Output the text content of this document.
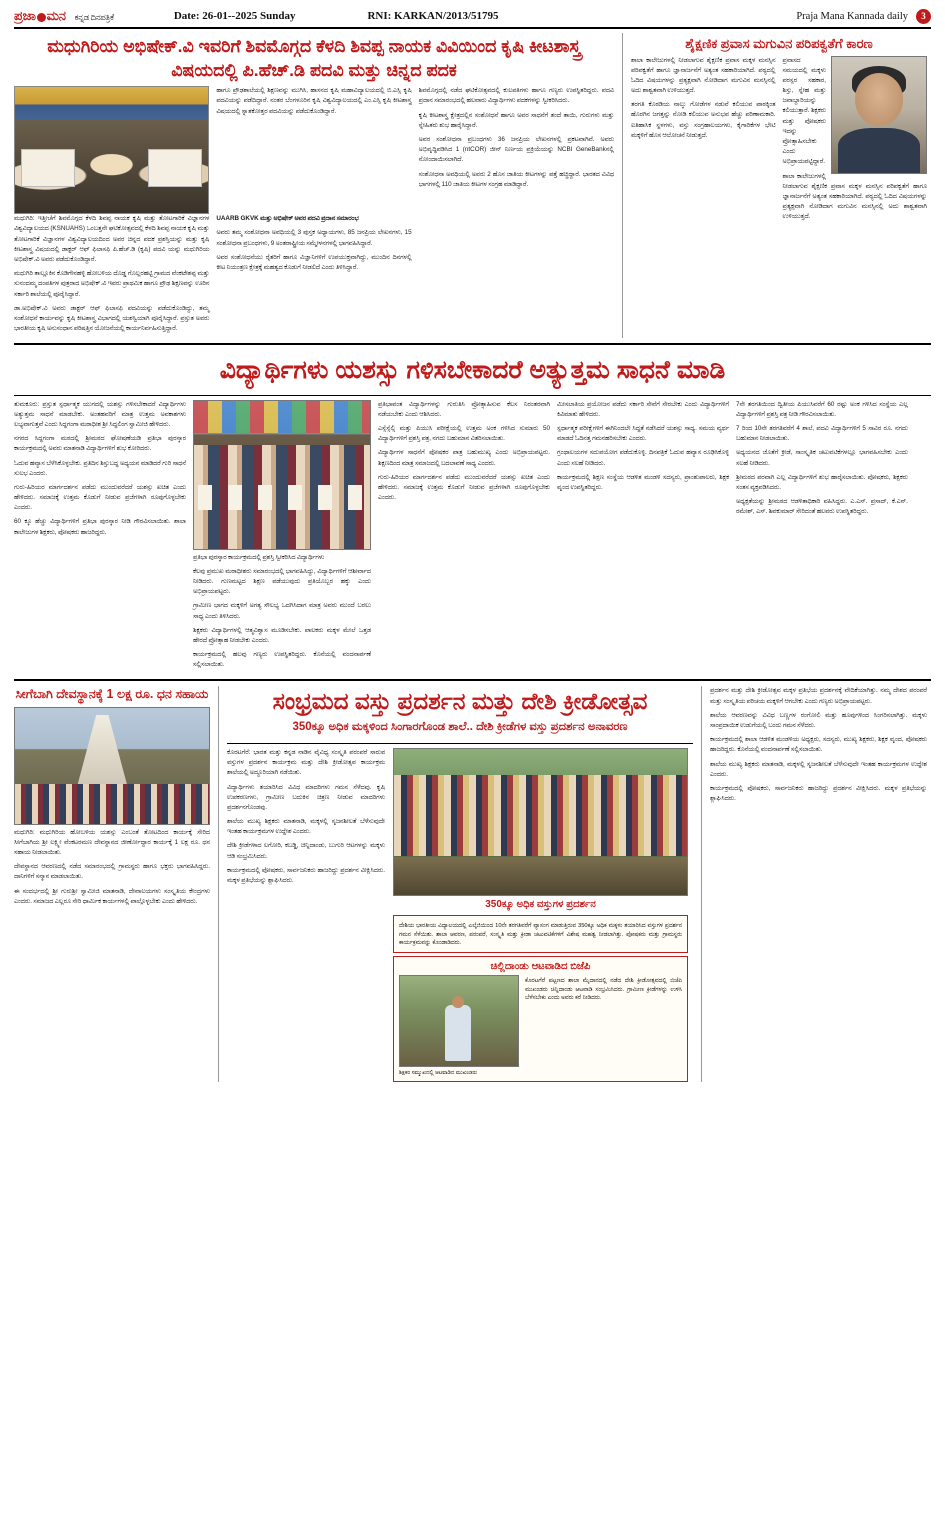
ಪ್ರಜಾ ಮನ ಕನ್ನಡ ದಿನಪತ್ರಿಕೆ	Date: 26-01--2025 Sunday	RNI: KARKAN/2013/51795	Praja Mana Kannada daily	3
ಮಧುಗಿರಿಯ ಅಭಿಷೇಕ್.ವಿ ಇವರಿಗೆ ಶಿವಮೊಗ್ಗದ ಕೆಳದಿ ಶಿವಪ್ಪ ನಾಯಕ ವಿವಿಯಿಂದ ಕೃಷಿ ಕೀಟಶಾಸ್ತ್ರ ವಿಷಯದಲ್ಲಿ ಪಿ.ಹೆಚ್.ಡಿ ಪದವಿ ಮತ್ತು ಚಿನ್ನದ ಪದಕ

ಮಧುಗಿರಿ: ಇತ್ತೀಚೆಗೆ ಶಿವಮೊಗ್ಗದ ಕೆಳದಿ ಶಿವಪ್ಪ ನಾಯಕ ಕೃಷಿ ಮತ್ತು ತೋಟಗಾರಿಕೆ ವಿಜ್ಞಾನಗಳ ವಿಶ್ವವಿದ್ಯಾಲಯದ (KSNUAHS) ಒಂಬತ್ತನೇ ಘಟಿಕೋತ್ಸವದಲ್ಲಿ ಕೆಳದಿ ಶಿವಪ್ಪ ನಾಯಕ ಕೃಷಿ ಮತ್ತು ತೋಟಗಾರಿಕೆ ವಿಜ್ಞಾನಗಳ ವಿಶ್ವವಿದ್ಯಾಲಯದಿಂದ ಅವರ ಚಿನ್ನದ ಪದಕ ಪ್ರಶಸ್ತಿಯನ್ನು ಮತ್ತು ಕೃಷಿ ಕೀಟಶಾಸ್ತ್ರ ವಿಷಯದಲ್ಲಿ ಡಾಕ್ಟರ್ ಆಫ್ ಫಿಲಾಸಫಿ ಪಿ.ಹೆಚ್.ಡಿ (ಕೃಷಿ) ಪದವಿ ಯನ್ನು ಮಧುಗಿರಿಯ ಅಭಿಷೇಕ್.ವಿ ಅವರು ಪಡೆದುಕೊಂಡಿದ್ದಾರೆ.

ಮಧುಗಿರಿ ತಾಲ್ಲೂಕಿನ ಕೊಡಿಗೇನಹಳ್ಳಿ ಹೋಬಳಿಯ ದೊಡ್ಡ ಗೊಲ್ಲರಹಟ್ಟಿ ಗ್ರಾಮದ ವೆಂಕಟೇಶಪ್ಪ ಮತ್ತು ಸುನಂದಮ್ಮ ದಂಪತಿಗಳ ಪುತ್ರರಾದ ಅಭಿಷೇಕ್.ವಿ ಇವರು ಪ್ರಾಥಮಿಕ ಹಾಗೂ ಪ್ರೌಢ ಶಿಕ್ಷಣವನ್ನು ಊರಿನ ಸರ್ಕಾರಿ ಶಾಲೆಯಲ್ಲಿ ಪೂರೈಸಿದ್ದಾರೆ.

ಡಾ.ಅಭಿಷೇಕ್.ವಿ ಅವರು ಡಾಕ್ಟರ್ ಆಫ್ ಫಿಲಾಸಫಿ ಪದವಿಯನ್ನು ಪಡೆದುಕೊಂಡಿದ್ದು, ತಮ್ಮ ಸಂಶೋಧನೆ ಕಾರ್ಯವನ್ನು ಕೃಷಿ ಕೀಟಶಾಸ್ತ್ರ ವಿಭಾಗದಲ್ಲಿ ಯಶಸ್ವಿಯಾಗಿ ಪೂರೈಸಿದ್ದಾರೆ. ಪ್ರಸ್ತುತ ಅವರು ಭಾರತೀಯ ಕೃಷಿ ಅನುಸಂಧಾನ ಪರಿಷತ್ತಿನ ಯೋಜನೆಯಲ್ಲಿ ಕಾರ್ಯನಿರ್ವಹಿಸುತ್ತಿದ್ದಾರೆ.

ಹಾಗೂ ಪ್ರೌಢಶಾಲೆಯಲ್ಲಿ ಶಿಕ್ಷಣವನ್ನು ಮುಗಿಸಿ, ಹಾಸನದ ಕೃಷಿ ಮಹಾವಿದ್ಯಾಲಯದಲ್ಲಿ ಬಿ.ಎಸ್ಸಿ ಕೃಷಿ ಪದವಿಯನ್ನು ಪಡೆದಿದ್ದಾರೆ. ನಂತರ ಬೆಂಗಳೂರಿನ ಕೃಷಿ ವಿಶ್ವವಿದ್ಯಾಲಯದಲ್ಲಿ ಎಂ.ಎಸ್ಸಿ ಕೃಷಿ ಕೀಟಶಾಸ್ತ್ರ ವಿಷಯದಲ್ಲಿ ಸ್ನಾತಕೋತ್ತರ ಪದವಿಯನ್ನು ಪಡೆದುಕೊಂಡಿದ್ದಾರೆ.

UAARB GKVK ಮತ್ತು ಅಭಿಷೇಕ್ ಅವರ ಪದವಿ ಪ್ರದಾನ ಸಮಾರಂಭ

ಅವರು ತಮ್ಮ ಸಂಶೋಧನಾ ಅವಧಿಯಲ್ಲಿ 3 ಪುಸ್ತಕ ಅಧ್ಯಾಯಗಳು, 85 ಜನಪ್ರಿಯ ಲೇಖನಗಳು, 15 ಸಂಶೋಧನಾ ಪ್ರಬಂಧಗಳು, 9 ಅಂತರಾಷ್ಟ್ರೀಯ ಸಮ್ಮೇಳನಗಳಲ್ಲಿ ಭಾಗವಹಿಸಿದ್ದಾರೆ.

ಅವರ ಸಂಶೋಧನೆಯು ರೈತರಿಗೆ ಹಾಗೂ ವಿಜ್ಞಾನಿಗಳಿಗೆ ಉಪಯುಕ್ತವಾಗಿದ್ದು, ಮುಂದಿನ ದಿನಗಳಲ್ಲಿ ಕೀಟ ನಿಯಂತ್ರಣ ಕ್ಷೇತ್ರಕ್ಕೆ ಮಹತ್ವದ ಕೊಡುಗೆ ನೀಡಲಿದೆ ಎಂದು ತಿಳಿಸಿದ್ದಾರೆ.

ಶಿವಮೊಗ್ಗದಲ್ಲಿ ನಡೆದ ಘಟಿಕೋತ್ಸವದಲ್ಲಿ ಕುಲಪತಿಗಳು ಹಾಗೂ ಗಣ್ಯರು ಉಪಸ್ಥಿತರಿದ್ದರು. ಪದವಿ ಪ್ರದಾನ ಸಮಾರಂಭದಲ್ಲಿ ಹಲವಾರು ವಿದ್ಯಾರ್ಥಿಗಳು ಪದಕಗಳನ್ನು ಸ್ವೀಕರಿಸಿದರು.

ಕೃಷಿ ಕೀಟಶಾಸ್ತ್ರ ಕ್ಷೇತ್ರದಲ್ಲಿನ ಸಂಶೋಧನೆ ಹಾಗೂ ಅವರ ಸಾಧನೆಗೆ ತಂದೆ ತಾಯಿ, ಗುರುಗಳು ಮತ್ತು ಸ್ನೇಹಿತರು ಶುಭ ಹಾರೈಸಿದ್ದಾರೆ.

ಅವರ ಸಂಶೋಧನಾ ಪ್ರಬಂಧಗಳು 36 ಜನಪ್ರಿಯ ಲೇಖನಗಳಲ್ಲಿ ಪ್ರಕಟವಾಗಿವೆ. ಅವರು ಅಭಿವೃದ್ಧಿಪಡಿಸಿದ 1 (ntCOR) ಜೀನ್ ನಿರ್ಣಯ ಪ್ರಕ್ರಿಯೆಯನ್ನು NCBI GeneBankನಲ್ಲಿ ನೋಂದಾಯಿಸಲಾಗಿದೆ.

ಸಂಶೋಧನಾ ಅವಧಿಯಲ್ಲಿ ಅವರು 2 ಹೊಸ ಜಾತಿಯ ಕೀಟಗಳನ್ನು ಪತ್ತೆ ಹಚ್ಚಿದ್ದಾರೆ. ಭಾರತದ ವಿವಿಧ ಭಾಗಗಳಲ್ಲಿ 110 ಜಾತಿಯ ಕೀಟಗಳ ಸಂಗ್ರಹ ಮಾಡಿದ್ದಾರೆ.

ಶೈಕ್ಷಣಿಕ ಪ್ರವಾಸ ಮಗುವಿನ ಪರಿಪಕ್ವತೆಗೆ ಕಾರಣ

ಶಾಲಾ ಕಾಲೇಜುಗಳಲ್ಲಿ ನೀಡಲಾಗುವ ಶೈಕ್ಷಣಿಕ ಪ್ರವಾಸ ಮಕ್ಕಳ ಮನಸ್ಸಿನ ಪರಿಪಕ್ವತೆಗೆ ಹಾಗೂ ಜ್ಞಾನಾರ್ಜನೆಗೆ ಅತ್ಯಂತ ಸಹಕಾರಿಯಾಗಿದೆ. ಪಠ್ಯದಲ್ಲಿ ಓದಿದ ವಿಷಯಗಳನ್ನು ಪ್ರತ್ಯಕ್ಷವಾಗಿ ನೋಡಿದಾಗ ಮಗುವಿನ ಮನಸ್ಸಿನಲ್ಲಿ ಅದು ಶಾಶ್ವತವಾಗಿ ಉಳಿಯುತ್ತದೆ.

ತರಗತಿ ಕೊಠಡಿಯ ನಾಲ್ಕು ಗೋಡೆಗಳ ನಡುವೆ ಕಲಿಯುವ ಪಾಠಕ್ಕಿಂತ ಹೊರಗಿನ ಜಗತ್ತನ್ನು ನೋಡಿ ಕಲಿಯುವ ಅನುಭವ ಹೆಚ್ಚು ಪರಿಣಾಮಕಾರಿ. ಐತಿಹಾಸಿಕ ಸ್ಥಳಗಳು, ವಸ್ತು ಸಂಗ್ರಹಾಲಯಗಳು, ಕೈಗಾರಿಕೆಗಳ ಭೇಟಿ ಮಕ್ಕಳಿಗೆ ಹೊಸ ಆಲೋಚನೆ ನೀಡುತ್ತದೆ.

ಪ್ರವಾಸದ ಸಮಯದಲ್ಲಿ ಮಕ್ಕಳು ಪರಸ್ಪರ ಸಹಕಾರ, ಶಿಸ್ತು, ಸ್ನೇಹ ಮತ್ತು ಜವಾಬ್ದಾರಿಯನ್ನು ಕಲಿಯುತ್ತಾರೆ. ಶಿಕ್ಷಕರು ಮತ್ತು ಪೋಷಕರು ಇದನ್ನು ಪ್ರೋತ್ಸಾಹಿಸಬೇಕು ಎಂದು ಅಭಿಪ್ರಾಯಪಟ್ಟಿದ್ದಾರೆ.

ಶಾಲಾ ಕಾಲೇಜುಗಳಲ್ಲಿ ನೀಡಲಾಗುವ ಶೈಕ್ಷಣಿಕ ಪ್ರವಾಸ ಮಕ್ಕಳ ಮನಸ್ಸಿನ ಪರಿಪಕ್ವತೆಗೆ ಹಾಗೂ ಜ್ಞಾನಾರ್ಜನೆಗೆ ಅತ್ಯಂತ ಸಹಕಾರಿಯಾಗಿದೆ. ಪಠ್ಯದಲ್ಲಿ ಓದಿದ ವಿಷಯಗಳನ್ನು ಪ್ರತ್ಯಕ್ಷವಾಗಿ ನೋಡಿದಾಗ ಮಗುವಿನ ಮನಸ್ಸಿನಲ್ಲಿ ಅದು ಶಾಶ್ವತವಾಗಿ ಉಳಿಯುತ್ತದೆ.

ವಿದ್ಯಾರ್ಥಿಗಳು ಯಶಸ್ಸು ಗಳಿಸಬೇಕಾದರೆ ಅತ್ಯುತ್ತಮ ಸಾಧನೆ ಮಾಡಿ

ತುಮಕೂರು: ಪ್ರಸ್ತುತ ಸ್ಪರ್ಧಾತ್ಮಕ ಯುಗದಲ್ಲಿ ಯಶಸ್ಸು ಗಳಿಸಬೇಕಾದರೆ ವಿದ್ಯಾರ್ಥಿಗಳು ಅತ್ಯುತ್ತಮ ಸಾಧನೆ ಮಾಡಬೇಕು. ಅಂತಹವರಿಗೆ ಮಾತ್ರ ಉತ್ತಮ ಅವಕಾಶಗಳು ಲಭ್ಯವಾಗುತ್ತವೆ ಎಂದು ಸಿದ್ಧಗಂಗಾ ಮಠಾಧೀಶ ಶ್ರೀ ಸಿದ್ಧಲಿಂಗ ಸ್ವಾಮೀಜಿ ಹೇಳಿದರು.

ನಗರದ ಸಿದ್ಧಗಂಗಾ ಮಠದಲ್ಲಿ ಶ್ರೀಮಠದ ಘೋಷಣೆಯಡಿ ಪ್ರತಿಭಾ ಪುರಸ್ಕಾರ ಕಾರ್ಯಕ್ರಮದಲ್ಲಿ ಅವರು ಮಾತನಾಡಿ ವಿದ್ಯಾರ್ಥಿಗಳಿಗೆ ಶುಭ ಕೋರಿದರು.

ಓದುವ ಹವ್ಯಾಸ ಬೆಳೆಸಿಕೊಳ್ಳಬೇಕು. ಪ್ರತಿದಿನ ಶಿಸ್ತುಬದ್ಧ ಅಧ್ಯಯನ ಮಾಡಿದರೆ ಗುರಿ ಸಾಧನೆ ಸುಲಭ ಎಂದರು.

ಗುರು-ಹಿರಿಯರ ಮಾರ್ಗದರ್ಶನ ಪಡೆದು ಮುಂದುವರೆದರೆ ಯಶಸ್ಸು ಖಚಿತ ಎಂದು ಹೇಳಿದರು. ಸಮಾಜಕ್ಕೆ ಉತ್ತಮ ಕೊಡುಗೆ ನೀಡುವ ಪ್ರಜೆಗಳಾಗಿ ರೂಪುಗೊಳ್ಳಬೇಕು ಎಂದರು.

60 ಕ್ಕೂ ಹೆಚ್ಚು ವಿದ್ಯಾರ್ಥಿಗಳಿಗೆ ಪ್ರತಿಭಾ ಪುರಸ್ಕಾರ ನೀಡಿ ಗೌರವಿಸಲಾಯಿತು. ಶಾಲಾ ಕಾಲೇಜುಗಳ ಶಿಕ್ಷಕರು, ಪೋಷಕರು ಹಾಜರಿದ್ದರು.

ಪ್ರತಿಭಾ ಪುರಸ್ಕಾರ ಕಾರ್ಯಕ್ರಮದಲ್ಲಿ ಪ್ರಶಸ್ತಿ ಸ್ವೀಕರಿಸಿದ ವಿದ್ಯಾರ್ಥಿಗಳು

ಕೆಲವು ಪ್ರಮುಖ ಮಠಾಧೀಶರು ಸಮಾರಂಭದಲ್ಲಿ ಭಾಗವಹಿಸಿದ್ದು, ವಿದ್ಯಾರ್ಥಿಗಳಿಗೆ ಆಶೀರ್ವಾದ ನೀಡಿದರು. ಗುಣಮಟ್ಟದ ಶಿಕ್ಷಣ ಪಡೆಯುವುದು ಪ್ರತಿಯೊಬ್ಬರ ಹಕ್ಕು ಎಂದು ಅಭಿಪ್ರಾಯಪಟ್ಟರು.

ಗ್ರಾಮೀಣ ಭಾಗದ ಮಕ್ಕಳಿಗೆ ಅಗತ್ಯ ಸೌಲಭ್ಯ ಒದಗಿಸಿದಾಗ ಮಾತ್ರ ಅವರು ಮುಂದೆ ಬರಲು ಸಾಧ್ಯ ಎಂದು ತಿಳಿಸಿದರು.

ಶಿಕ್ಷಕರು ವಿದ್ಯಾರ್ಥಿಗಳಲ್ಲಿ ಆತ್ಮವಿಶ್ವಾಸ ಮೂಡಿಸಬೇಕು. ಪಾಲಕರು ಮಕ್ಕಳ ಮೇಲೆ ಒತ್ತಡ ಹೇರದೆ ಪ್ರೋತ್ಸಾಹ ನೀಡಬೇಕು ಎಂದರು.

ಕಾರ್ಯಕ್ರಮದಲ್ಲಿ ಹಲವು ಗಣ್ಯರು ಉಪಸ್ಥಿತರಿದ್ದರು. ಕೊನೆಯಲ್ಲಿ ವಂದನಾರ್ಪಣೆ ಸಲ್ಲಿಸಲಾಯಿತು.

ಪ್ರತಿಭಾವಂತ ವಿದ್ಯಾರ್ಥಿಗಳನ್ನು ಗುರುತಿಸಿ ಪ್ರೋತ್ಸಾಹಿಸುವ ಕೆಲಸ ನಿರಂತರವಾಗಿ ನಡೆಯಬೇಕು ಎಂದು ಆಶಿಸಿದರು.

ಎಸ್ಸೆಸ್ಸೆಲ್ಸಿ ಮತ್ತು ಪಿಯುಸಿ ಪರೀಕ್ಷೆಯಲ್ಲಿ ಉತ್ತಮ ಅಂಕ ಗಳಿಸಿದ ಸುಮಾರು 50 ವಿದ್ಯಾರ್ಥಿಗಳಿಗೆ ಪ್ರಶಸ್ತಿ ಪತ್ರ, ನಗದು ಬಹುಮಾನ ವಿತರಿಸಲಾಯಿತು.

ವಿದ್ಯಾರ್ಥಿಗಳ ಸಾಧನೆಗೆ ಪೋಷಕರ ಪಾತ್ರ ಬಹುಮುಖ್ಯ ಎಂದು ಅಭಿಪ್ರಾಯಪಟ್ಟರು. ಶಿಕ್ಷಣದಿಂದ ಮಾತ್ರ ಸಮಾಜದಲ್ಲಿ ಬದಲಾವಣೆ ಸಾಧ್ಯ ಎಂದರು.

ಗುರು-ಹಿರಿಯರ ಮಾರ್ಗದರ್ಶನ ಪಡೆದು ಮುಂದುವರೆದರೆ ಯಶಸ್ಸು ಖಚಿತ ಎಂದು ಹೇಳಿದರು. ಸಮಾಜಕ್ಕೆ ಉತ್ತಮ ಕೊಡುಗೆ ನೀಡುವ ಪ್ರಜೆಗಳಾಗಿ ರೂಪುಗೊಳ್ಳಬೇಕು ಎಂದರು.

ಮೀಸಲಾತಿಯ ಪ್ರಯೋಜನ ಪಡೆದು ಸರ್ಕಾರಿ ಸೇವೆಗೆ ಸೇರಬೇಕು ಎಂದು ವಿದ್ಯಾರ್ಥಿಗಳಿಗೆ ಕಿವಿಮಾತು ಹೇಳಿದರು.

ಸ್ಪರ್ಧಾತ್ಮಕ ಪರೀಕ್ಷೆಗಳಿಗೆ ಈಗಿನಿಂದಲೇ ಸಿದ್ಧತೆ ನಡೆಸಿದರೆ ಯಶಸ್ಸು ಸಾಧ್ಯ. ಸಮಯ ವ್ಯರ್ಥ ಮಾಡದೆ ಓದಿನತ್ತ ಗಮನಹರಿಸಬೇಕು ಎಂದರು.

ಗ್ರಂಥಾಲಯಗಳ ಸದುಪಯೋಗ ಪಡೆದುಕೊಳ್ಳಿ. ದಿನಪತ್ರಿಕೆ ಓದುವ ಹವ್ಯಾಸ ರೂಢಿಸಿಕೊಳ್ಳಿ ಎಂದು ಸಲಹೆ ನೀಡಿದರು.

ಕಾರ್ಯಕ್ರಮದಲ್ಲಿ ಶಿಕ್ಷಣ ಸಂಸ್ಥೆಯ ಆಡಳಿತ ಮಂಡಳಿ ಸದಸ್ಯರು, ಪ್ರಾಂಶುಪಾಲರು, ಶಿಕ್ಷಕ ವೃಂದ ಉಪಸ್ಥಿತರಿದ್ದರು.

7ನೇ ತರಗತಿಯಿಂದ ದ್ವಿತೀಯ ಪಿಯುಸಿವರೆಗೆ 60 ರಷ್ಟು ಅಂಕ ಗಳಿಸಿದ ಸಂಸ್ಥೆಯ ಎಲ್ಲ ವಿದ್ಯಾರ್ಥಿಗಳಿಗೆ ಪ್ರಶಸ್ತಿ ಪತ್ರ ನೀಡಿ ಗೌರವಿಸಲಾಯಿತು.

7 ರಿಂದ 10ನೇ ತರಗತಿವರೆಗೆ 4 ಶಾಲೆ, ಪದವಿ ವಿದ್ಯಾರ್ಥಿಗಳಿಗೆ 5 ಸಾವಿರ ರೂ. ನಗದು ಬಹುಮಾನ ನೀಡಲಾಯಿತು.

ಅಧ್ಯಯನದ ಜೊತೆಗೆ ಕ್ರೀಡೆ, ಸಾಂಸ್ಕೃತಿಕ ಚಟುವಟಿಕೆಗಳಲ್ಲೂ ಭಾಗವಹಿಸಬೇಕು ಎಂದು ಸಲಹೆ ನೀಡಿದರು.

ಶ್ರೀಮಠದ ಪರವಾಗಿ ಎಲ್ಲ ವಿದ್ಯಾರ್ಥಿಗಳಿಗೆ ಶುಭ ಹಾರೈಸಲಾಯಿತು. ಪೋಷಕರು, ಶಿಕ್ಷಕರು ಸಂತಸ ವ್ಯಕ್ತಪಡಿಸಿದರು.

ಅಧ್ಯಕ್ಷತೆಯನ್ನು ಶ್ರೀಮಠದ ಆಡಳಿತಾಧಿಕಾರಿ ವಹಿಸಿದ್ದರು. ಎ.ಎಸ್. ಪ್ರಸಾದ್, ಕೆ.ಎನ್. ರಮೇಶ್, ಎಸ್. ಶಿವಕುಮಾರ್ ಸೇರಿದಂತೆ ಹಲವರು ಉಪಸ್ಥಿತರಿದ್ದರು.

ಸೀಗೆಬಾಗಿ ದೇವಸ್ಥಾನಕ್ಕೆ 1 ಲಕ್ಷ ರೂ. ಧನ ಸಹಾಯ

ಮಧುಗಿರಿ: ಮಧುಗಿರಿಯ ಹೋಬಳಿಯ ಯಶಸ್ಸು ಎಂಬಂತೆ ತೋಟದಿಂದ ಕಾರ್ಯಕ್ಕೆ ಸೇರಿದ ಸೀಗೆಬಾಗಿಯ ಶ್ರೀ ಲಕ್ಷ್ಮೀ ವೆಂಕಟರಮಣ ದೇವಸ್ಥಾನದ ಜೀರ್ಣೋದ್ಧಾರ ಕಾರ್ಯಕ್ಕೆ 1 ಲಕ್ಷ ರೂ. ಧನ ಸಹಾಯ ನೀಡಲಾಯಿತು.

ದೇವಸ್ಥಾನದ ಆವರಣದಲ್ಲಿ ನಡೆದ ಸಮಾರಂಭದಲ್ಲಿ ಗ್ರಾಮಸ್ಥರು ಹಾಗೂ ಭಕ್ತರು ಭಾಗವಹಿಸಿದ್ದರು. ದಾನಿಗಳಿಗೆ ಸನ್ಮಾನ ಮಾಡಲಾಯಿತು.

ಈ ಸಂದರ್ಭದಲ್ಲಿ ಶ್ರೀ ಗುರುಶ್ರೀ ಸ್ವಾಮೀಜಿ ಮಾತನಾಡಿ, ದೇವಾಲಯಗಳು ಸಂಸ್ಕೃತಿಯ ಕೇಂದ್ರಗಳು ಎಂದರು. ಸಮಾಜದ ಎಲ್ಲರೂ ಸೇರಿ ಧಾರ್ಮಿಕ ಕಾರ್ಯಗಳಲ್ಲಿ ಪಾಲ್ಗೊಳ್ಳಬೇಕು ಎಂದು ಹೇಳಿದರು.

ಸಂಭ್ರಮದ ವಸ್ತು ಪ್ರದರ್ಶನ ಮತ್ತು ದೇಶಿ ಕ್ರೀಡೋತ್ಸವ
350ಕ್ಕೂ ಅಧಿಕ ಮಕ್ಕಳಿಂದ ಸಿಂಗಾರಗೊಂಡ ಶಾಲೆ.. ದೇಶಿ ಕ್ರೀಡೆಗಳ ವಸ್ತು ಪ್ರದರ್ಶನ ಅನಾವರಣ

ಕೊರಟಗೆರೆ: ಭಾರತ ಮತ್ತು ಕನ್ನಡ ನಾಡಿನ ವೈವಿಧ್ಯ ಸಂಸ್ಕೃತಿ ಪರಂಪರೆ ಸಾರುವ ವಸ್ತುಗಳ ಪ್ರದರ್ಶನ ಕಾರ್ಯಕ್ರಮ ಮತ್ತು ದೇಶಿ ಕ್ರೀಡೋತ್ಸವ ಕಾರ್ಯಕ್ರಮ ಶಾಲೆಯಲ್ಲಿ ಅದ್ಧೂರಿಯಾಗಿ ನಡೆಯಿತು.

ವಿದ್ಯಾರ್ಥಿಗಳು ತಯಾರಿಸಿದ ವಿವಿಧ ಮಾದರಿಗಳು ಗಮನ ಸೆಳೆದವು. ಕೃಷಿ ಉಪಕರಣಗಳು, ಗ್ರಾಮೀಣ ಬದುಕಿನ ಚಿತ್ರಣ ನೀಡುವ ಮಾದರಿಗಳು ಪ್ರದರ್ಶನಗೊಂಡವು.

ಶಾಲೆಯ ಮುಖ್ಯ ಶಿಕ್ಷಕರು ಮಾತನಾಡಿ, ಮಕ್ಕಳಲ್ಲಿ ಸೃಜನಶೀಲತೆ ಬೆಳೆಸುವುದೇ ಇಂತಹ ಕಾರ್ಯಕ್ರಮಗಳ ಉದ್ದೇಶ ಎಂದರು.

ದೇಶಿ ಕ್ರೀಡೆಗಳಾದ ಲಗೋರಿ, ಕಬಡ್ಡಿ, ಚಿನ್ನಿದಾಂಡು, ಬುಗುರಿ ಆಟಗಳನ್ನು ಮಕ್ಕಳು ಆಡಿ ಸಂಭ್ರಮಿಸಿದರು.

ಕಾರ್ಯಕ್ರಮದಲ್ಲಿ ಪೋಷಕರು, ಸಾರ್ವಜನಿಕರು ಹಾಜರಿದ್ದು ಪ್ರದರ್ಶನ ವೀಕ್ಷಿಸಿದರು. ಮಕ್ಕಳ ಪ್ರತಿಭೆಯನ್ನು ಶ್ಲಾಘಿಸಿದರು.

350ಕ್ಕೂ ಅಧಿಕ ವಸ್ತುಗಳ ಪ್ರದರ್ಶನ
ದೇಶಿಯ ಭಾರತೀಯ ವಿದ್ಯಾಲಯದಲ್ಲಿ ಎಲ್ಕೆಜಿಯಿಂದ 10ನೇ ತರಗತಿವರೆಗೆ ವ್ಯಾಸಂಗ ಮಾಡುತ್ತಿರುವ 350ಕ್ಕೂ ಅಧಿಕ ಮಕ್ಕಳು ತಯಾರಿಸಿದ ವಸ್ತುಗಳ ಪ್ರದರ್ಶನ ಗಮನ ಸೆಳೆಯಿತು. ಶಾಲಾ ಆವರಣ, ಪರಂಪರೆ, ಸಂಸ್ಕೃತಿ ಮತ್ತು ಕ್ರೀಡಾ ಚಟುವಟಿಕೆಗಳಿಗೆ ವಿಶೇಷ ಮಹತ್ವ ನೀಡಲಾಗಿತ್ತು. ಪೋಷಕರು ಮತ್ತು ಗ್ರಾಮಸ್ಥರು ಕಾರ್ಯಕ್ರಮವನ್ನು ಕೊಂಡಾಡಿದರು.
ಚಿಲ್ಲಿದಾಂಡು ಆಟವಾಡಿದ ಬಿಜೆಪಿ
ಶಿಕ್ಷಕರ ಸಮ್ಮುಖದಲ್ಲಿ ಆಟವಾಡಿದ ಮುಖಂಡರು
ಕೊರಟಗೆರೆ ಪಟ್ಟಣದ ಶಾಲಾ ಮೈದಾನದಲ್ಲಿ ನಡೆದ ದೇಶಿ ಕ್ರೀಡೋತ್ಸವದಲ್ಲಿ ಬಿಜೆಪಿ ಮುಖಂಡರು ಚಿನ್ನಿದಾಂಡು ಆಟವಾಡಿ ಸಂಭ್ರಮಿಸಿದರು. ಗ್ರಾಮೀಣ ಕ್ರೀಡೆಗಳನ್ನು ಉಳಿಸಿ ಬೆಳೆಸಬೇಕು ಎಂದು ಅವರು ಕರೆ ನೀಡಿದರು.

ಪ್ರದರ್ಶನ ಮತ್ತು ದೇಶಿ ಕ್ರೀಡೋತ್ಸವ ಮಕ್ಕಳ ಪ್ರತಿಭೆಯ ಪ್ರದರ್ಶನಕ್ಕೆ ವೇದಿಕೆಯಾಗಿತ್ತು. ನಮ್ಮ ದೇಶದ ಪರಂಪರೆ ಮತ್ತು ಸಂಸ್ಕೃತಿಯ ಪರಿಚಯ ಮಕ್ಕಳಿಗೆ ಆಗಬೇಕು ಎಂದು ಗಣ್ಯರು ಅಭಿಪ್ರಾಯಪಟ್ಟರು.

ಶಾಲೆಯ ಆವರಣವನ್ನು ವಿವಿಧ ಬಣ್ಣಗಳ ರಂಗೋಲಿ ಮತ್ತು ಹೂವುಗಳಿಂದ ಸಿಂಗರಿಸಲಾಗಿತ್ತು. ಮಕ್ಕಳು ಸಾಂಪ್ರದಾಯಿಕ ಉಡುಗೆಯಲ್ಲಿ ಬಂದು ಗಮನ ಸೆಳೆದರು.

ಕಾರ್ಯಕ್ರಮದಲ್ಲಿ ಶಾಲಾ ಆಡಳಿತ ಮಂಡಳಿಯ ಅಧ್ಯಕ್ಷರು, ಸದಸ್ಯರು, ಮುಖ್ಯ ಶಿಕ್ಷಕರು, ಶಿಕ್ಷಕ ವೃಂದ, ಪೋಷಕರು ಹಾಜರಿದ್ದರು. ಕೊನೆಯಲ್ಲಿ ವಂದನಾರ್ಪಣೆ ಸಲ್ಲಿಸಲಾಯಿತು.

ಶಾಲೆಯ ಮುಖ್ಯ ಶಿಕ್ಷಕರು ಮಾತನಾಡಿ, ಮಕ್ಕಳಲ್ಲಿ ಸೃಜನಶೀಲತೆ ಬೆಳೆಸುವುದೇ ಇಂತಹ ಕಾರ್ಯಕ್ರಮಗಳ ಉದ್ದೇಶ ಎಂದರು.

ಕಾರ್ಯಕ್ರಮದಲ್ಲಿ ಪೋಷಕರು, ಸಾರ್ವಜನಿಕರು ಹಾಜರಿದ್ದು ಪ್ರದರ್ಶನ ವೀಕ್ಷಿಸಿದರು. ಮಕ್ಕಳ ಪ್ರತಿಭೆಯನ್ನು ಶ್ಲಾಘಿಸಿದರು.
